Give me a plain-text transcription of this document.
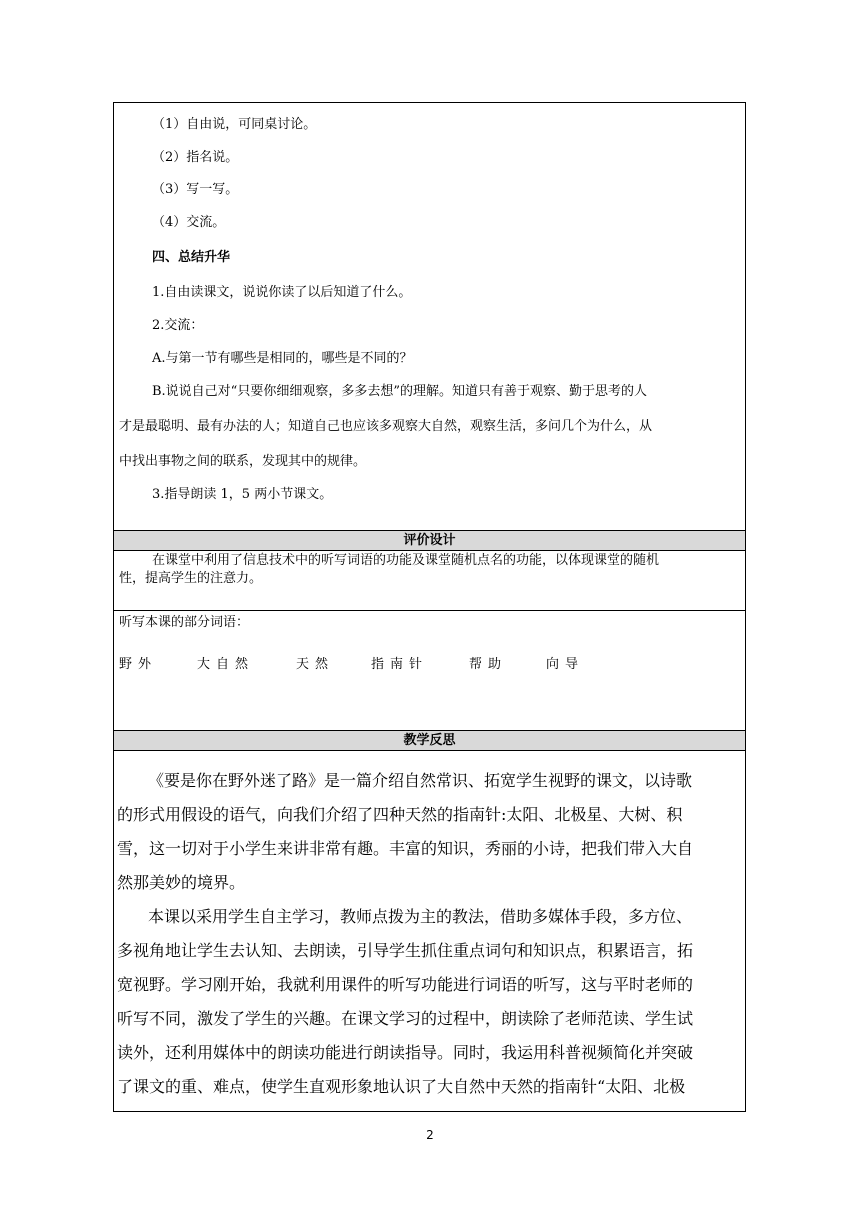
（1）自由说，可同桌讨论。
（2）指名说。
（3）写一写。
（4）交流。
四、总结升华
1.自由读课文，说说你读了以后知道了什么。
2.交流：
A.与第一节有哪些是相同的，哪些是不同的？
B.说说自己对“只要你细细观察，多多去想”的理解。知道只有善于观察、勤于思考的人
才是最聪明、最有办法的人；知道自己也应该多观察大自然，观察生活，多问几个为什么，从
中找出事物之间的联系，发现其中的规律。
3.指导朗读 1，5 两小节课文。
评价设计
在课堂中利用了信息技术中的听写词语的功能及课堂随机点名的功能，以体现课堂的随机
性，提高学生的注意力。
听写本课的部分词语：
野外	大自然	天然	指南针	帮助	向导
教学反思
《要是你在野外迷了路》是一篇介绍自然常识、拓宽学生视野的课文，以诗歌
的形式用假设的语气，向我们介绍了四种天然的指南针:太阳、北极星、大树、积
雪，这一切对于小学生来讲非常有趣。丰富的知识，秀丽的小诗，把我们带入大自
然那美妙的境界。
本课以采用学生自主学习，教师点拨为主的教法，借助多媒体手段，多方位、
多视角地让学生去认知、去朗读，引导学生抓住重点词句和知识点，积累语言，拓
宽视野。学习刚开始，我就利用课件的听写功能进行词语的听写，这与平时老师的
听写不同，激发了学生的兴趣。在课文学习的过程中，朗读除了老师范读、学生试
读外，还利用媒体中的朗读功能进行朗读指导。同时，我运用科普视频简化并突破
了课文的重、难点，使学生直观形象地认识了大自然中天然的指南针“太阳、北极
2
